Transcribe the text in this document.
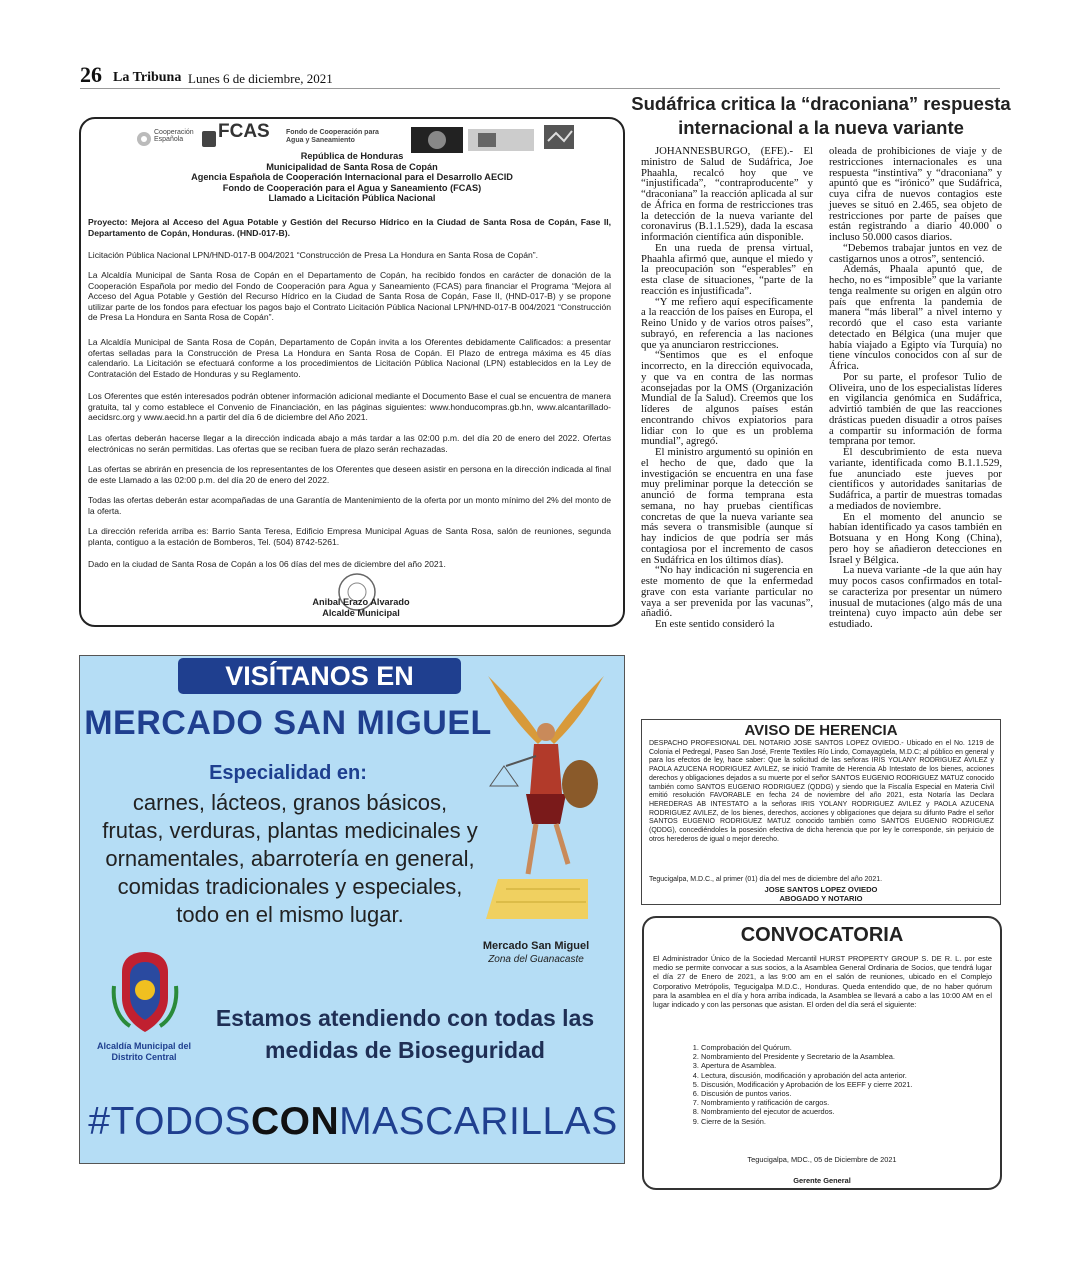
26 La Tribuna Lunes 6 de diciembre, 2021
Cooperación Española	FCAS Fondo de Cooperación para Agua y Saneamiento
República de Honduras
Municipalidad de Santa Rosa de Copán
Agencia Española de Cooperación Internacional para el Desarrollo AECID
Fondo de Cooperación para el Agua y Saneamiento (FCAS)
Llamado a Licitación Pública Nacional
Proyecto: Mejora al Acceso del Agua Potable y Gestión del Recurso Hídrico en la Ciudad de Santa Rosa de Copán, Fase II, Departamento de Copán, Honduras. (HND-017-B).
Licitación Pública Nacional LPN/HND-017-B 004/2021 “Construcción de Presa La Hondura en Santa Rosa de Copán”.
La Alcaldía Municipal de Santa Rosa de Copán en el Departamento de Copán, ha recibido fondos en carácter de donación de la Cooperación Española por medio del Fondo de Cooperación para Agua y Saneamiento (FCAS) para financiar el Programa “Mejora al Acceso del Agua Potable y Gestión del Recurso Hídrico en la Ciudad de Santa Rosa de Copán, Fase II, (HND-017-B) y se propone utilizar parte de los fondos para efectuar los pagos bajo el Contrato Licitación Pública Nacional LPN/HND-017-B 004/2021 “Construcción de Presa La Hondura en Santa Rosa de Copán”.
La Alcaldía Municipal de Santa Rosa de Copán, Departamento de Copán invita a los Oferentes debidamente Calificados: a presentar ofertas selladas para la Construcción de Presa La Hondura en Santa Rosa de Copán. El Plazo de entrega máxima es 45 días calendario. La Licitación se efectuará conforme a los procedimientos de Licitación Pública Nacional (LPN) establecidos en la Ley de Contratación del Estado de Honduras y su Reglamento.
Los Oferentes que estén interesados podrán obtener información adicional mediante el Documento Base el cual se encuentra de manera gratuita, tal y como establece el Convenio de Financiación, en las páginas siguientes: www.honducompras.gb.hn, www.alcantarillado-aecidsrc.org y www.aecid.hn a partir del día 6 de diciembre del Año 2021.
Las ofertas deberán hacerse llegar a la dirección indicada abajo a más tardar a las 02:00 p.m. del día 20 de enero del 2022. Ofertas electrónicas no serán permitidas. Las ofertas que se reciban fuera de plazo serán rechazadas.
Las ofertas se abrirán en presencia de los representantes de los Oferentes que deseen asistir en persona en la dirección indicada al final de este Llamado a las 02:00 p.m. del día 20 de enero del 2022.
Todas las ofertas deberán estar acompañadas de una Garantía de Mantenimiento de la oferta por un monto mínimo del 2% del monto de la oferta.
La dirección referida arriba es: Barrio Santa Teresa, Edificio Empresa Municipal Aguas de Santa Rosa, salón de reuniones, segunda planta, contiguo a la estación de Bomberos, Tel. (504) 8742-5261.
Dado en la ciudad de Santa Rosa de Copán a los 06 días del mes de diciembre del año 2021.
Anibal Erazo Alvarado
Alcalde Municipal
VISÍTANOS EN
MERCADO SAN MIGUEL
Especialidad en:
carnes, lácteos, granos básicos, frutas, verduras, plantas medicinales y ornamentales, abarrotería en general, comidas tradicionales y especiales, todo en el mismo lugar.
Mercado San Miguel
Zona del Guanacaste
Alcaldía Municipal del Distrito Central
Estamos atendiendo con todas las medidas de Bioseguridad
#TODOSCONMASCARILLAS
Sudáfrica critica la “draconiana” respuesta internacional a la nueva variante

JOHANNESBURGO, (EFE).- El ministro de Salud de Sudáfrica, Joe Phaahla, recalcó hoy que ve “injustificada”, “contraproducente” y “draconiana” la reacción aplicada al sur de África en forma de restricciones tras la detección de la nueva variante del coronavirus (B.1.1.529), dada la escasa información científica aún disponible.

En una rueda de prensa virtual, Phaahla afirmó que, aunque el miedo y la preocupación son “esperables” en esta clase de situaciones, “parte de la reacción es injustificada”.

“Y me refiero aquí específicamente a la reacción de los países en Europa, el Reino Unido y de varios otros países”, subrayó, en referencia a las naciones que ya anunciaron restricciones.

“Sentimos que es el enfoque incorrecto, en la dirección equivocada, y que va en contra de las normas aconsejadas por la OMS (Organización Mundial de la Salud). Creemos que los líderes de algunos países están encontrando chivos expiatorios para lidiar con lo que es un problema mundial”, agregó.

El ministro argumentó su opinión en el hecho de que, dado que la investigación se encuentra en una fase muy preliminar porque la detección se anunció de forma temprana esta semana, no hay pruebas científicas concretas de que la nueva variante sea más severa o transmisible (aunque sí hay indicios de que podría ser más contagiosa por el incremento de casos en Sudáfrica en los últimos días).

“No hay indicación ni sugerencia en este momento de que la enfermedad grave con esta variante particular no vaya a ser prevenida por las vacunas”, añadió.

En este sentido consideró la

oleada de prohibiciones de viaje y de restricciones internacionales es una respuesta “instintiva” y “draconiana” y apuntó que es “irónico” que Sudáfrica, cuya cifra de nuevos contagios este jueves se situó en 2.465, sea objeto de restricciones por parte de países que están registrando a diario 40.000 o incluso 50.000 casos diarios.

“Debemos trabajar juntos en vez de castigarnos unos a otros”, sentenció.

Además, Phaala apuntó que, de hecho, no es “imposible” que la variante tenga realmente su origen en algún otro país que enfrenta la pandemia de manera “más liberal” a nivel interno y recordó que el caso esta variante detectado en Bélgica (una mujer que había viajado a Egipto vía Turquía) no tiene vínculos conocidos con al sur de África.

Por su parte, el profesor Tulio de Oliveira, uno de los especialistas líderes en vigilancia genómica en Sudáfrica, advirtió también de que las reacciones drásticas pueden disuadir a otros países a compartir su información de forma temprana por temor.

El descubrimiento de esta nueva variante, identificada como B.1.1.529, fue anunciado este jueves por científicos y autoridades sanitarias de Sudáfrica, a partir de muestras tomadas a mediados de noviembre.

En el momento del anuncio se habían identificado ya casos también en Botsuana y en Hong Kong (China), pero hoy se añadieron detecciones en Israel y Bélgica.

La nueva variante -de la que aún hay muy pocos casos confirmados en total- se caracteriza por presentar un número inusual de mutaciones (algo más de una treintena) cuyo impacto aún debe ser estudiado.

AVISO DE HERENCIA
DESPACHO PROFESIONAL DEL NOTARIO JOSE SANTOS LOPEZ OVIEDO.- Ubicado en el No. 1219 de Colonia el Pedregal, Paseo San José, Frente Textiles Río Lindo, Comayagüela, M.D.C; al público en general y para los efectos de ley, hace saber: Que la solicitud de las señoras IRIS YOLANY RODRIGUEZ AVILEZ y PAOLA AZUCENA RODRIGUEZ AVILEZ, se inició Tramite de Herencia Ab Intestato de los bienes, acciones derechos y obligaciones dejados a su muerte por el señor SANTOS EUGENIO RODRIGUEZ MATUZ conocido también como SANTOS EUGENIO RODRIGUEZ (QDDG) y siendo que la Fiscalía Especial en Materia Civil emitió resolución FAVORABLE en fecha 24 de noviembre del año 2021, esta Notaría las Declara HEREDERAS AB INTESTATO a la señoras IRIS YOLANY RODRIGUEZ AVILEZ y PAOLA AZUCENA RODRIGUEZ AVILEZ, de los bienes, derechos, acciones y obligaciones que dejara su difunto Padre el señor SANTOS EUGENIO RODRIGUEZ MATUZ conocido también como SANTOS EUGENIO RODRIGUEZ (QDDG), concediéndoles la posesión efectiva de dicha herencia que por ley le corresponde, sin perjuicio de otros herederos de igual o mejor derecho.
Tegucigalpa, M.D.C., al primer (01) día del mes de diciembre del año 2021.
JOSE SANTOS LOPEZ OVIEDO
ABOGADO Y NOTARIO
CONVOCATORIA
El Administrador Único de la Sociedad Mercantil HURST PROPERTY GROUP S. DE R. L. por este medio se permite convocar a sus socios, a la Asamblea General Ordinaria de Socios, que tendrá lugar el día 27 de Enero de 2021, a las 9:00 am en el salón de reuniones, ubicado en el Complejo Corporativo Metrópolis, Tegucigalpa M.D.C., Honduras. Queda entendido que, de no haber quórum para la asamblea en el día y hora arriba indicada, la Asamblea se llevará a cabo a las 10:00 AM en el lugar indicado y con las personas que asistan. El orden del día será el siguiente:
1. Comprobación del Quórum.
2. Nombramiento del Presidente y Secretario de la Asamblea.
3. Apertura de Asamblea.
4. Lectura, discusión, modificación y aprobación del acta anterior.
5. Discusión, Modificación y Aprobación de los EEFF y cierre 2021.
6. Discusión de puntos varios.
7. Nombramiento y ratificación de cargos.
8. Nombramiento del ejecutor de acuerdos.
9. Cierre de la Sesión.
Tegucigalpa, MDC., 05 de Diciembre de 2021
Gerente General
